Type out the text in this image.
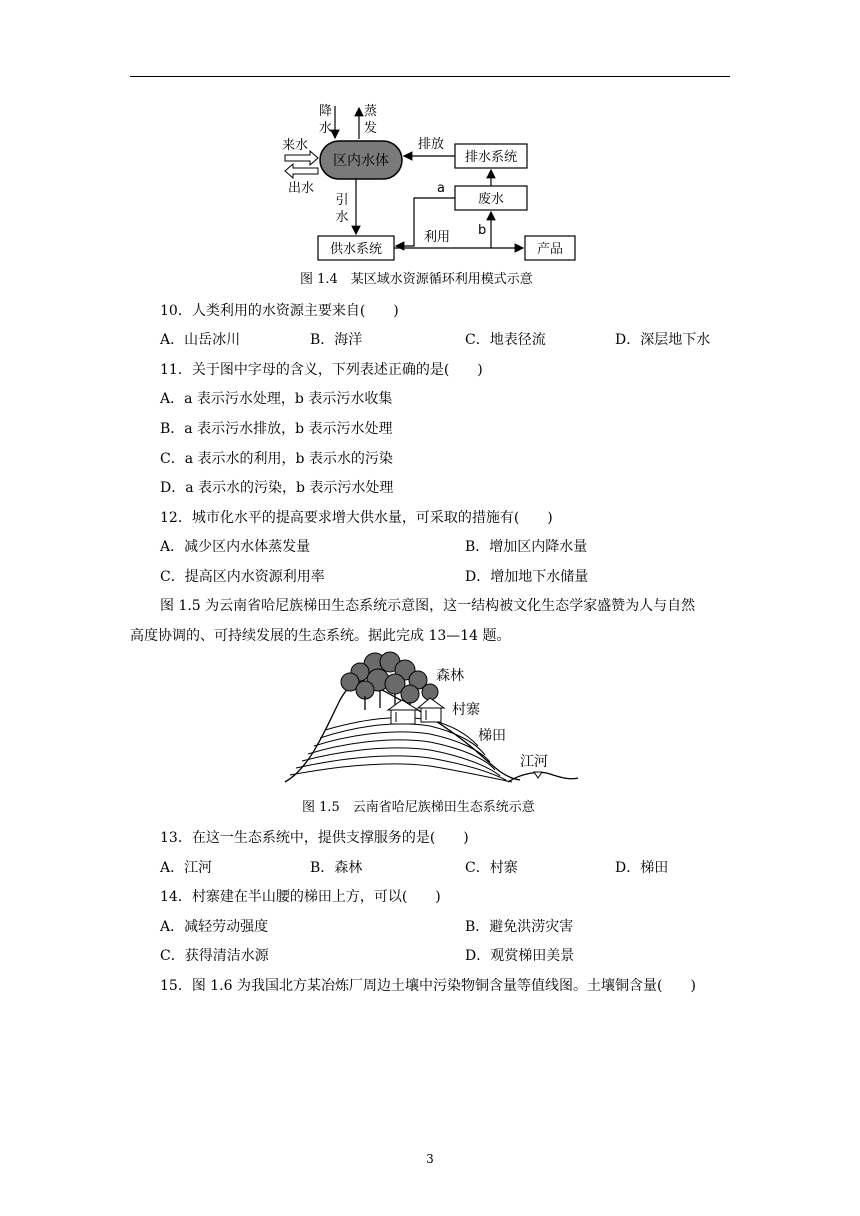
区内水体
降
水
蒸
发
来水
出水
排水系统
废水
供水系统	产品
排放
a
引
水
利用 b
图 1.4　某区域水资源循环利用模式示意
10．人类利用的水资源主要来自(　　)
A．山岳冰川	B．海洋	C．地表径流	D．深层地下水
11．关于图中字母的含义，下列表述正确的是(　　)
A．a 表示污水处理，b 表示污水收集
B．a 表示污水排放，b 表示污水处理
C．a 表示水的利用，b 表示水的污染
D．a 表示水的污染，b 表示污水处理
12．城市化水平的提高要求增大供水量，可采取的措施有(　　)
A．减少区内水体蒸发量	B．增加区内降水量
C．提高区内水资源利用率	D．增加地下水储量
图 1.5 为云南省哈尼族梯田生态系统示意图，这一结构被文化生态学家盛赞为人与自然
高度协调的、可持续发展的生态系统。据此完成 13—14 题。
森林
村寨
梯田
江河
图 1.5　云南省哈尼族梯田生态系统示意
13．在这一生态系统中，提供支撑服务的是(　　)
A．江河	B．森林	C．村寨	D．梯田
14．村寨建在半山腰的梯田上方，可以(　　)
A．减轻劳动强度	B．避免洪涝灾害
C．获得清洁水源	D．观赏梯田美景
15．图 1.6 为我国北方某冶炼厂周边土壤中污染物铜含量等值线图。土壤铜含量(　　)
3
